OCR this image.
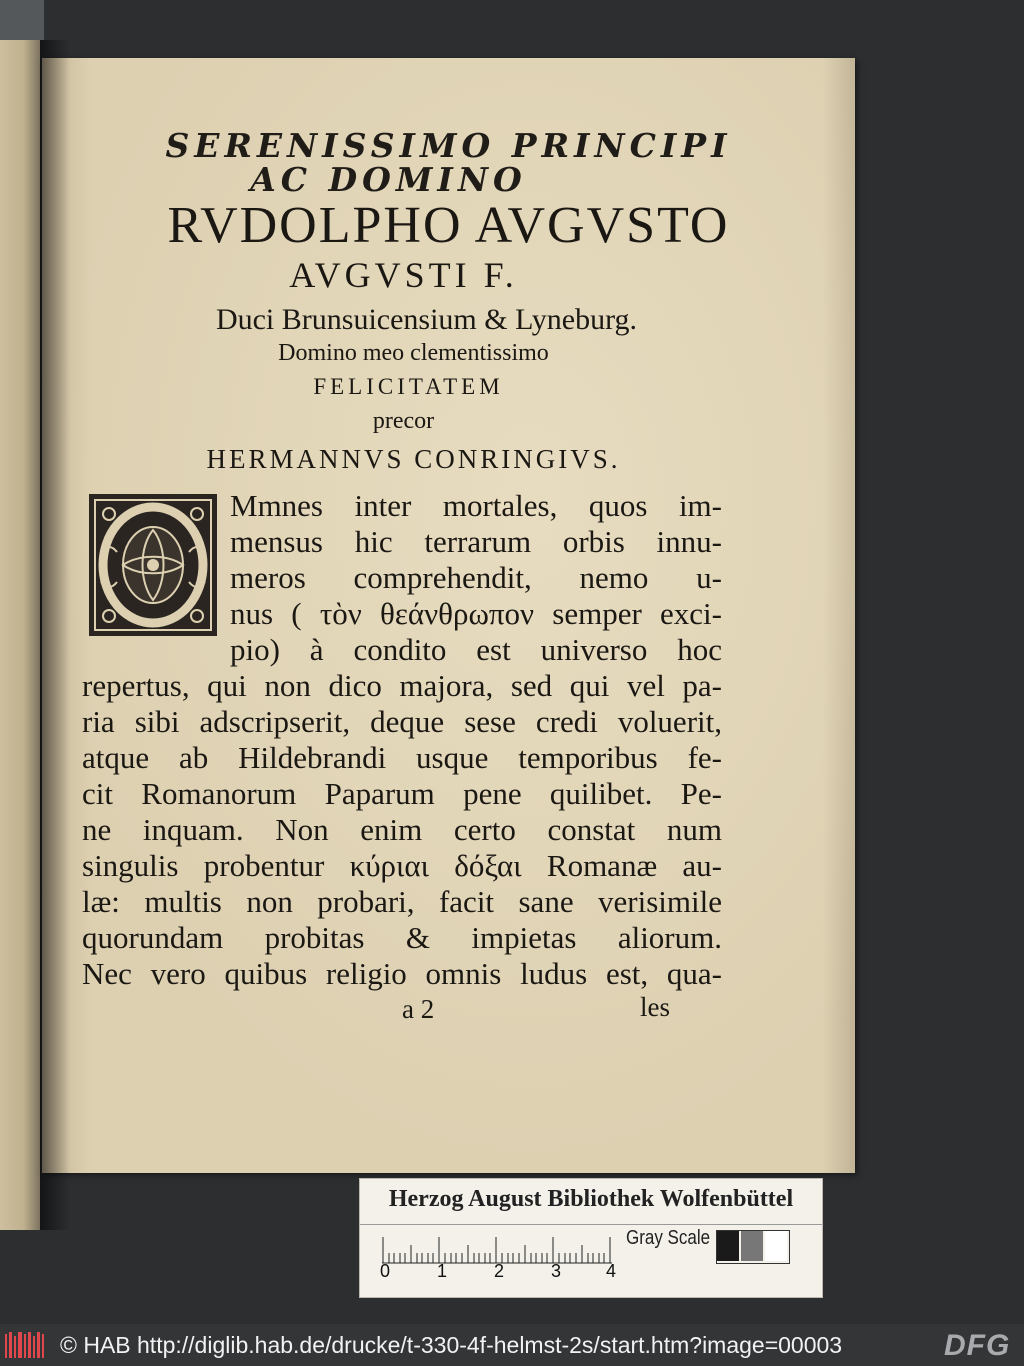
SERENISSIMO PRINCIPI
AC DOMINO
RVDOLPHO AVGVSTO
AVGVSTI F.
Duci Brunsuicensium & Lyneburg.
Domino meo clementissimo
FELICITATEM
precor
HERMANNVS CONRINGIVS.
Mmnes inter mortales, quos im-
mensus hic terrarum orbis innu-
meros comprehendit, nemo u-
nus ( τὸν θεάνθρωπον semper exci-
pio) à condito est universo hoc
repertus, qui non dico majora, sed qui vel pa-
ria sibi adscripserit, deque sese credi voluerit,
atque ab Hildebrandi usque temporibus fe-
cit Romanorum Paparum pene quilibet. Pe-
ne inquam. Non enim certo constat num
singulis probentur κύριαι δόξαι Romanæ au-
læ: multis non probari, facit sane verisimile
quorundam probitas & impietas aliorum.
Nec vero quibus religio omnis ludus est, qua-
a 2	les
Herzog August Bibliothek Wolfenbüttel
0	1	2	3 4
Gray Scale
© HAB http://diglib.hab.de/drucke/t-330-4f-helmst-2s/start.htm?image=00003	DFG
